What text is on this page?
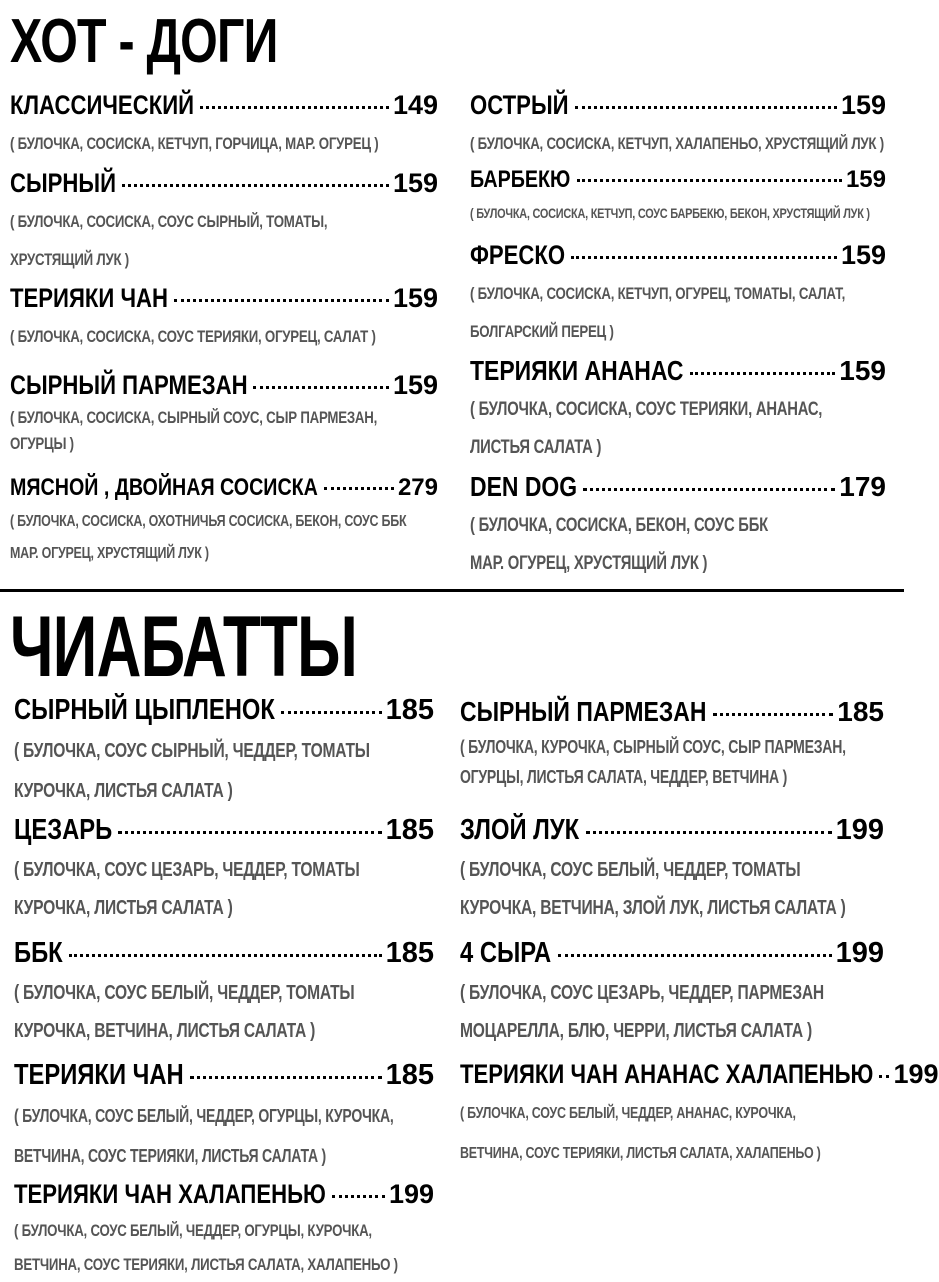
ХОТ - ДОГИ
ЧИАБАТТЫ
КЛАССИЧЕСКИЙ	149
( БУЛОЧКА, СОСИСКА, КЕТЧУП, ГОРЧИЦА, МАР. ОГУРЕЦ )
СЫРНЫЙ	159
( БУЛОЧКА, СОСИСКА, СОУС СЫРНЫЙ, ТОМАТЫ,
ХРУСТЯЩИЙ ЛУК )
ТЕРИЯКИ ЧАН	159
( БУЛОЧКА, СОСИСКА, СОУС ТЕРИЯКИ, ОГУРЕЦ, САЛАТ )
СЫРНЫЙ ПАРМЕЗАН	159
( БУЛОЧКА, СОСИСКА, СЫРНЫЙ СОУС, СЫР ПАРМЕЗАН,
ОГУРЦЫ )
МЯСНОЙ , ДВОЙНАЯ СОСИСКА	279
( БУЛОЧКА, СОСИСКА, ОХОТНИЧЬЯ СОСИСКА, БЕКОН, СОУС ББК
МАР. ОГУРЕЦ, ХРУСТЯЩИЙ ЛУК )
ОСТРЫЙ	159
( БУЛОЧКА, СОСИСКА, КЕТЧУП, ХАЛАПЕНЬО, ХРУСТЯЩИЙ ЛУК )
БАРБЕКЮ	159
( БУЛОЧКА, СОСИСКА, КЕТЧУП, СОУС БАРБЕКЮ, БЕКОН, ХРУСТЯЩИЙ ЛУК )
ФРЕСКО	159
( БУЛОЧКА, СОСИСКА, КЕТЧУП, ОГУРЕЦ, ТОМАТЫ, САЛАТ,
БОЛГАРСКИЙ ПЕРЕЦ )
ТЕРИЯКИ АНАНАС	159
( БУЛОЧКА, СОСИСКА, СОУС ТЕРИЯКИ, АНАНАС,
ЛИСТЬЯ САЛАТА )
DEN DOG	179
( БУЛОЧКА, СОСИСКА, БЕКОН, СОУС ББК
МАР. ОГУРЕЦ, ХРУСТЯЩИЙ ЛУК )
СЫРНЫЙ ЦЫПЛЕНОК	185
( БУЛОЧКА, СОУС СЫРНЫЙ, ЧЕДДЕР, ТОМАТЫ
КУРОЧКА, ЛИСТЬЯ САЛАТА )
ЦЕЗАРЬ	185
( БУЛОЧКА, СОУС ЦЕЗАРЬ, ЧЕДДЕР, ТОМАТЫ
КУРОЧКА, ЛИСТЬЯ САЛАТА )
ББК	185
( БУЛОЧКА, СОУС БЕЛЫЙ, ЧЕДДЕР, ТОМАТЫ
КУРОЧКА, ВЕТЧИНА, ЛИСТЬЯ САЛАТА )
ТЕРИЯКИ ЧАН	185
( БУЛОЧКА, СОУС БЕЛЫЙ, ЧЕДДЕР, ОГУРЦЫ, КУРОЧКА,
ВЕТЧИНА, СОУС ТЕРИЯКИ, ЛИСТЬЯ САЛАТА )
ТЕРИЯКИ ЧАН ХАЛАПЕНЬЮ 199
( БУЛОЧКА, СОУС БЕЛЫЙ, ЧЕДДЕР, ОГУРЦЫ, КУРОЧКА,
ВЕТЧИНА, СОУС ТЕРИЯКИ, ЛИСТЬЯ САЛАТА, ХАЛАПЕНЬО )
СЫРНЫЙ ПАРМЕЗАН	185
( БУЛОЧКА, КУРОЧКА, СЫРНЫЙ СОУС, СЫР ПАРМЕЗАН,
ОГУРЦЫ, ЛИСТЬЯ САЛАТА, ЧЕДДЕР, ВЕТЧИНА )
ЗЛОЙ ЛУК	199
( БУЛОЧКА, СОУС БЕЛЫЙ, ЧЕДДЕР, ТОМАТЫ
КУРОЧКА, ВЕТЧИНА, ЗЛОЙ ЛУК, ЛИСТЬЯ САЛАТА )
4 СЫРА	199
( БУЛОЧКА, СОУС ЦЕЗАРЬ, ЧЕДДЕР, ПАРМЕЗАН
МОЦАРЕЛЛА, БЛЮ, ЧЕРРИ, ЛИСТЬЯ САЛАТА )
ТЕРИЯКИ ЧАН АНАНАС ХАЛАПЕНЬЮ 199
( БУЛОЧКА, СОУС БЕЛЫЙ, ЧЕДДЕР, АНАНАС, КУРОЧКА,
ВЕТЧИНА, СОУС ТЕРИЯКИ, ЛИСТЬЯ САЛАТА, ХАЛАПЕНЬО )
